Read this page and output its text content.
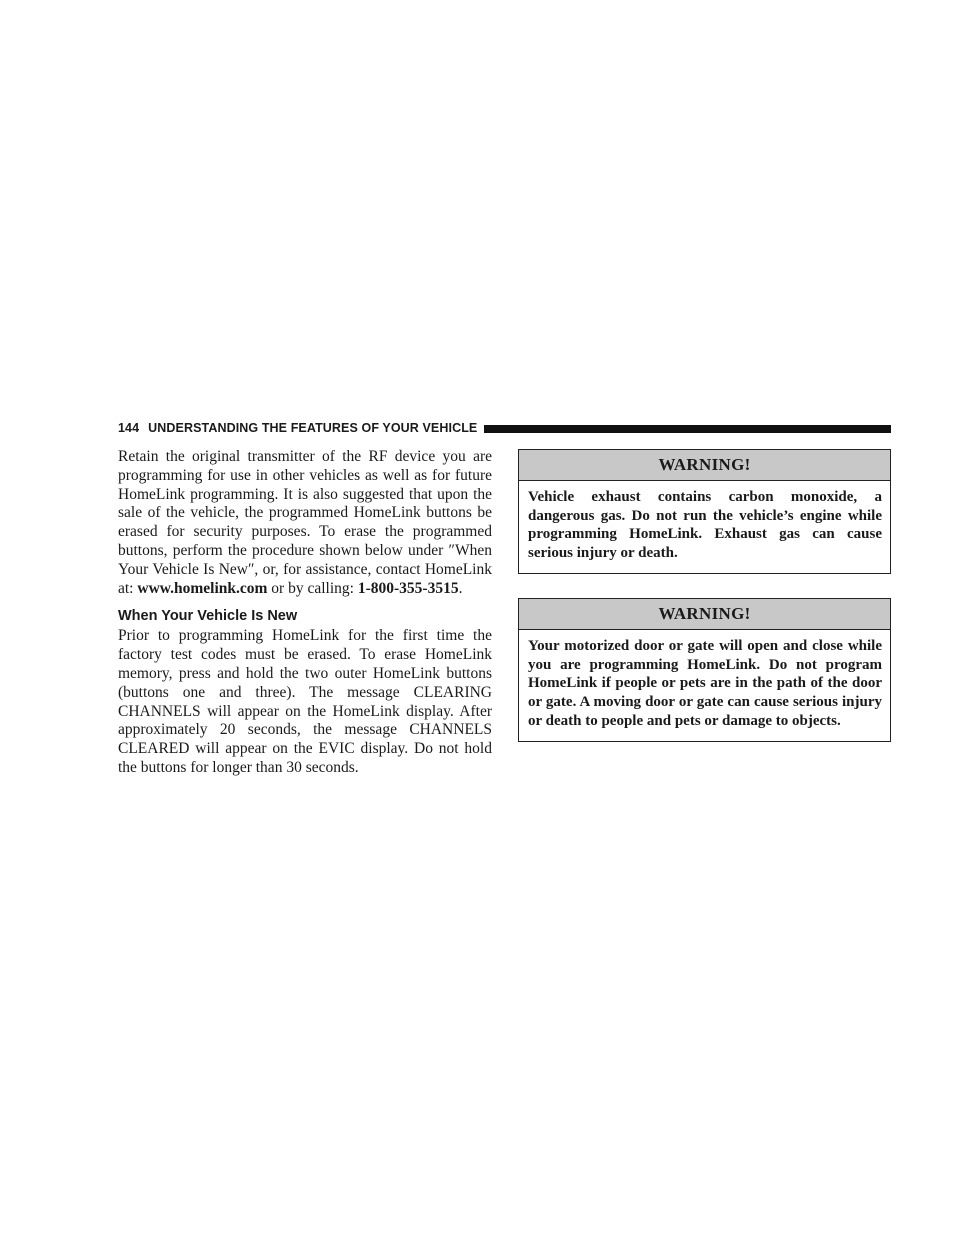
144 UNDERSTANDING THE FEATURES OF YOUR VEHICLE

Retain the original transmitter of the RF device you are programming for use in other vehicles as well as for future HomeLink programming. It is also suggested that upon the sale of the vehicle, the programmed HomeLink buttons be erased for security purposes. To erase the programmed buttons, perform the procedure shown below under ″When Your Vehicle Is New″, or, for assistance, contact HomeLink at: www.homelink.com or by calling: 1-800-355-3515.

When Your Vehicle Is New

Prior to programming HomeLink for the first time the factory test codes must be erased. To erase HomeLink memory, press and hold the two outer HomeLink buttons (buttons one and three). The message CLEARING CHANNELS will appear on the HomeLink display. After approximately 20 seconds, the message CHANNELS CLEARED will appear on the EVIC display. Do not hold the buttons for longer than 30 seconds.

WARNING!
Vehicle exhaust contains carbon monoxide, a dangerous gas. Do not run the vehicle’s engine while programming HomeLink. Exhaust gas can cause serious injury or death.
WARNING!
Your motorized door or gate will open and close while you are programming HomeLink. Do not program HomeLink if people or pets are in the path of the door or gate. A moving door or gate can cause serious injury or death to people and pets or damage to objects.
